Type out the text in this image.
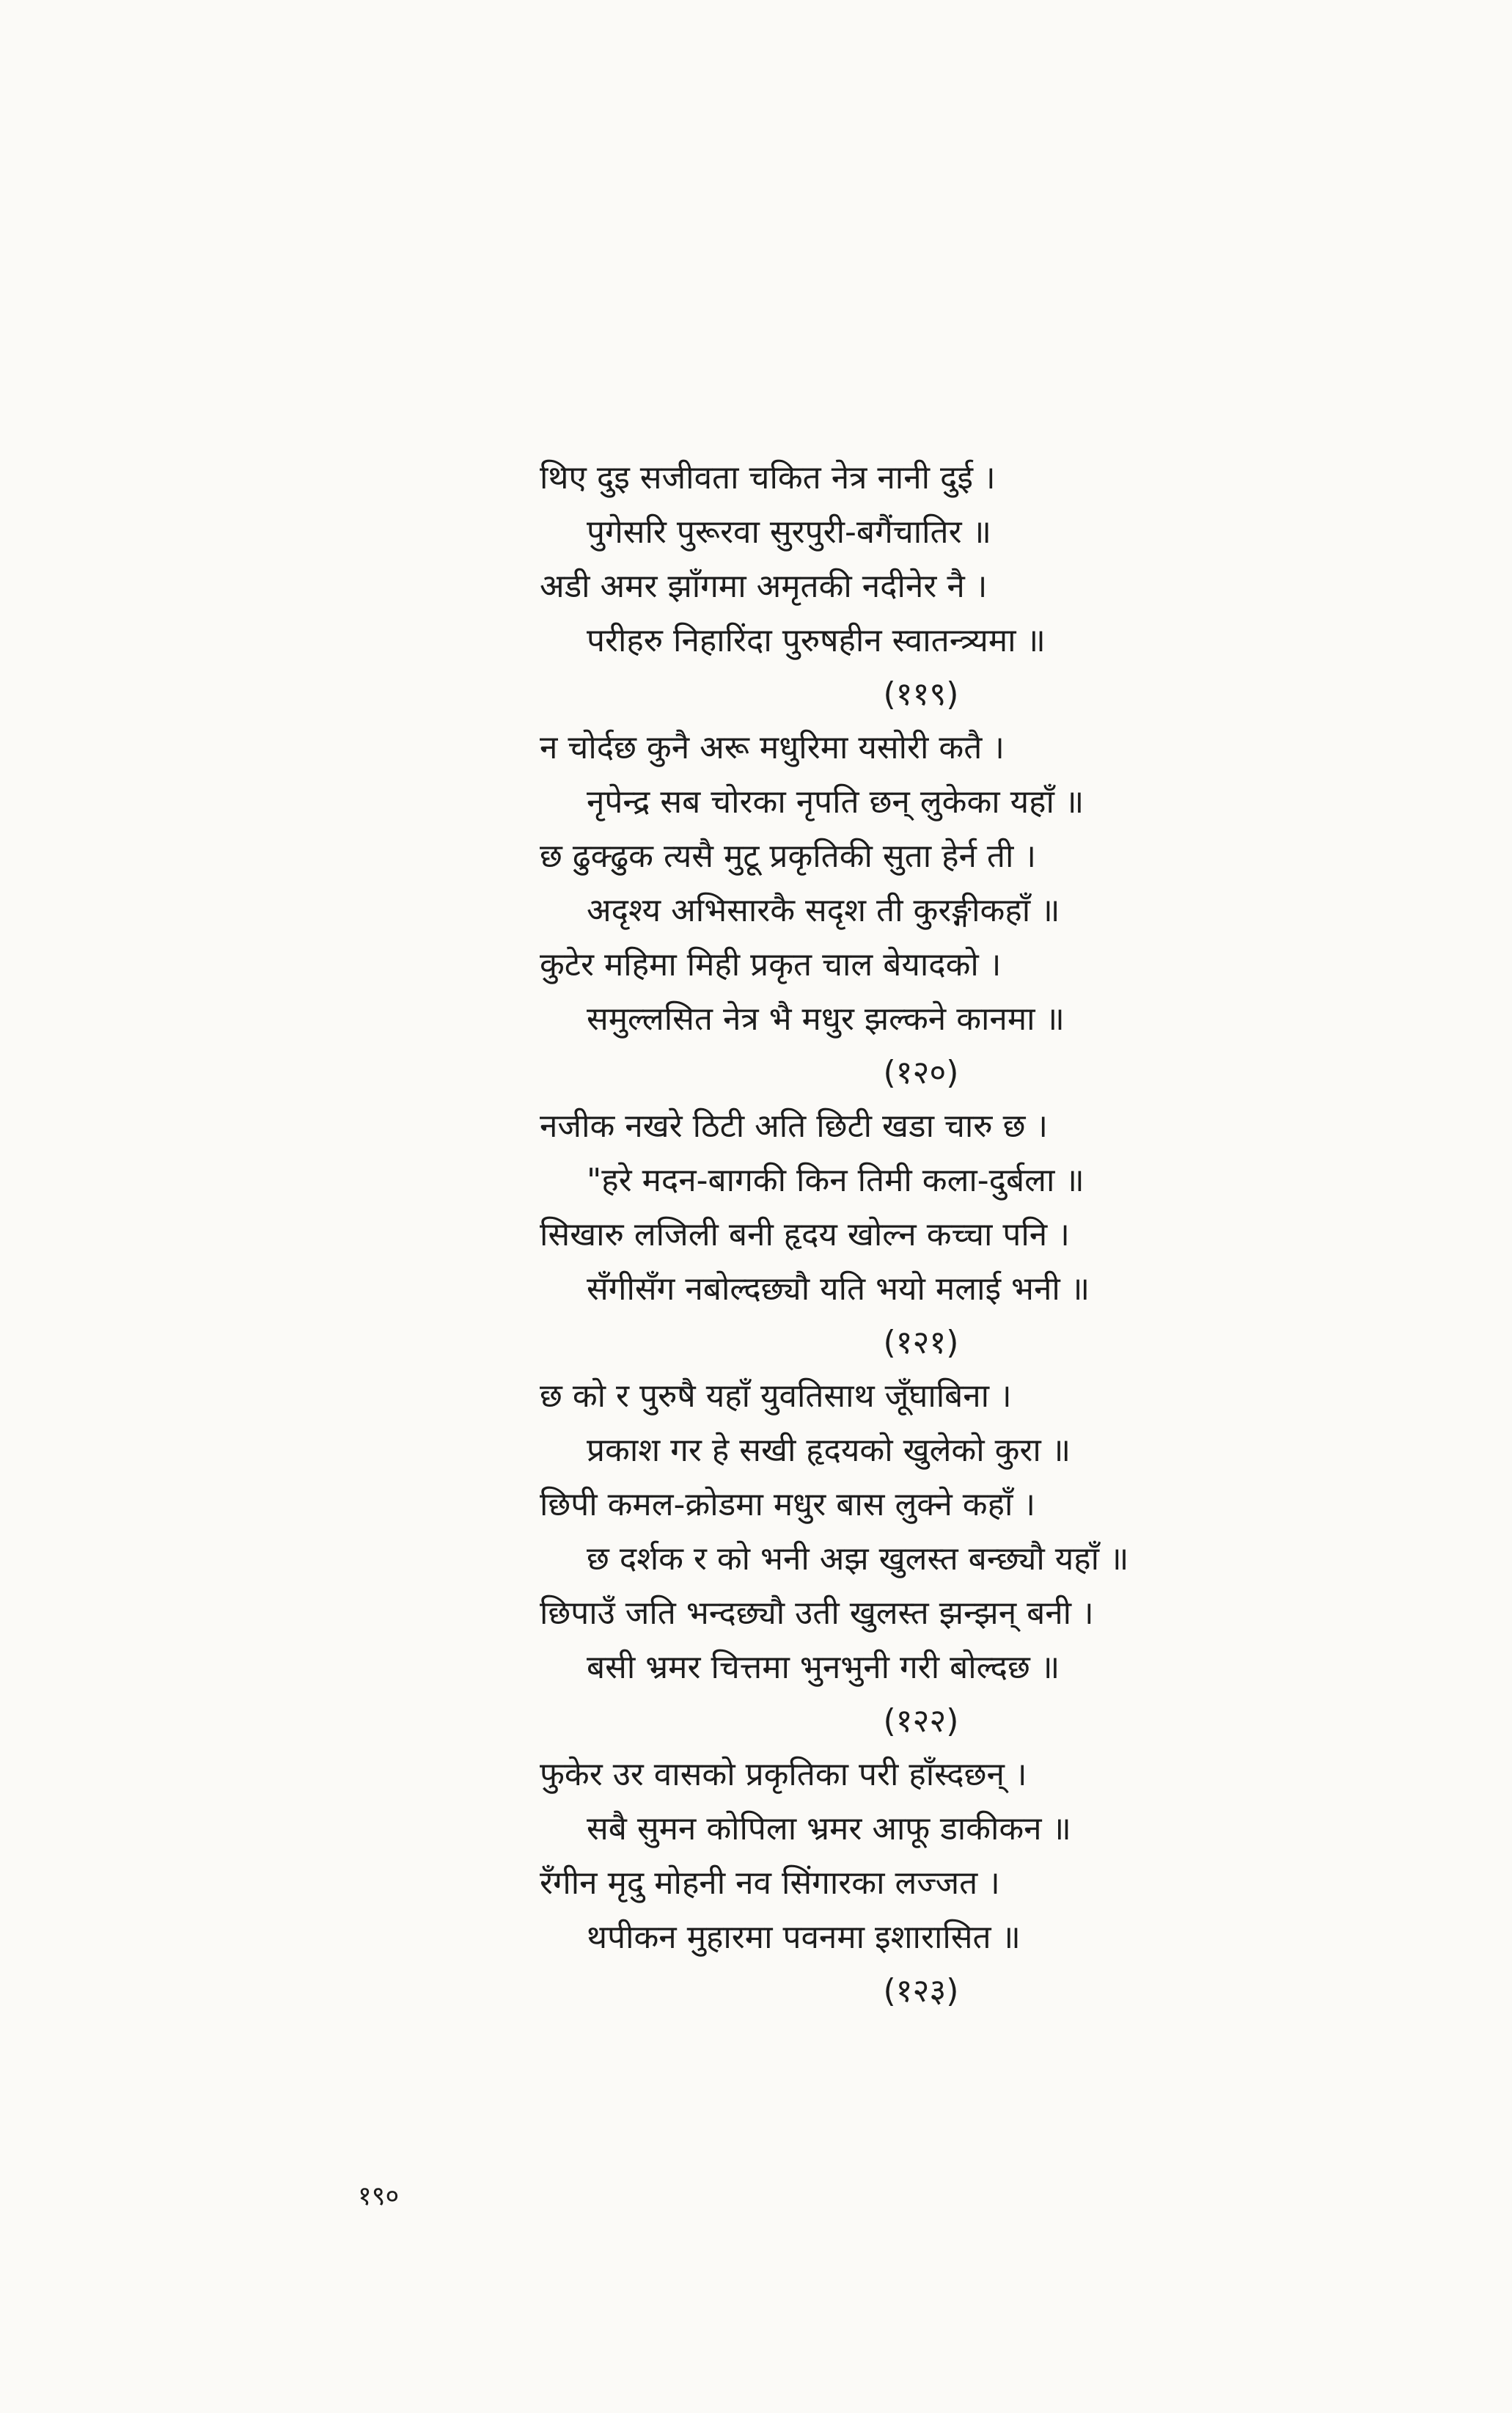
थिए दुइ सजीवता चकित नेत्र नानी दुई ।
पुगेसरि पुरूरवा सुरपुरी-बगैंचातिर ॥
अडी अमर झाँगमा अमृतकी नदीनेर नै ।
परीहरु निहारिंदा पुरुषहीन स्वातन्त्र्यमा ॥
(११९)
न चोर्दछ कुनै अरू मधुरिमा यसोरी कतै ।
नृपेन्द्र सब चोरका नृपति छन् लुकेका यहाँ ॥
छ ढुक्ढुक त्यसै मुटू प्रकृतिकी सुता हेर्न ती ।
अदृश्य अभिसारकै सदृश ती कुरङ्गीकहाँ ॥
कुटेर महिमा मिही प्रकृत चाल बेयादको ।
समुल्लसित नेत्र भै मधुर झल्कने कानमा ॥
(१२०)
नजीक नखरे ठिटी अति छिटी खडा चारु छ ।
"हरे मदन-बागकी किन तिमी कला-दुर्बला ॥
सिखारु लजिली बनी हृदय खोल्न कच्चा पनि ।
सँगीसँग नबोल्दछ्यौ यति भयो मलाई भनी ॥
(१२१)
छ को र पुरुषै यहाँ युवतिसाथ जूँघाबिना ।
प्रकाश गर हे सखी हृदयको खुलेको कुरा ॥
छिपी कमल-क्रोडमा मधुर बास लुक्ने कहाँ ।
छ दर्शक र को भनी अझ खुलस्त बन्छ्यौ यहाँ ॥
छिपाउँ जति भन्दछ्यौ उती खुलस्त झन्झन् बनी ।
बसी भ्रमर चित्तमा भुनभुनी गरी बोल्दछ ॥
(१२२)
फुकेर उर वासको प्रकृतिका परी हाँस्दछन् ।
सबै सुमन कोपिला भ्रमर आफू डाकीकन ॥
रँगीन मृदु मोहनी नव सिंगारका लज्जत ।
थपीकन मुहारमा पवनमा इशारासित ॥
(१२३)
१९०
